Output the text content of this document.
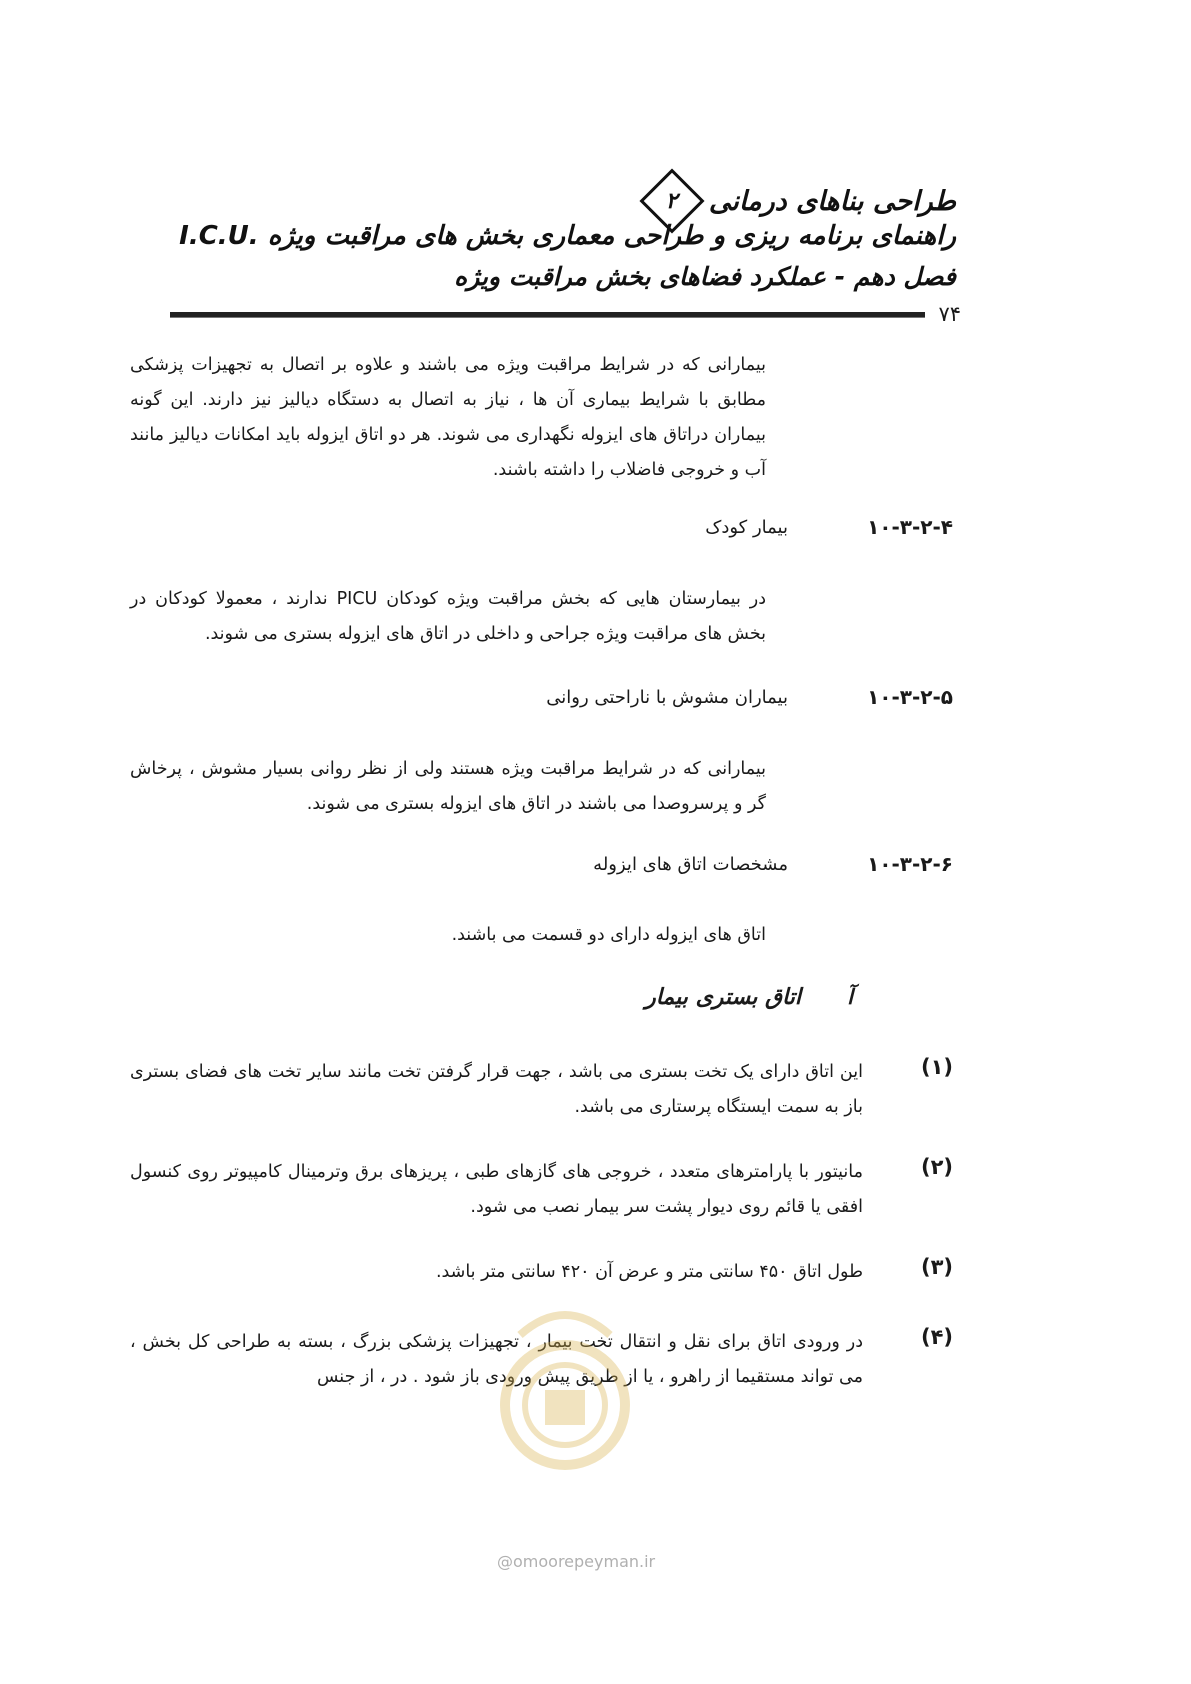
طراحی بناهای درمانی
۲
راهنمای برنامه ریزی و طراحی معماری بخش های مراقبت ویژه .I.C.U
فصل دهم - عملکرد فضاهای بخش مراقبت ویژه
۷۴
بیمارانی که در شرایط مراقبت ویژه می باشند و علاوه بر اتصال به تجهیزات پزشکی مطابق با شرایط بیماری آن ها ، نیاز به اتصال به دستگاه دیالیز نیز دارند. این گونه بیماران دراتاق های ایزوله نگهداری می شوند. هر دو اتاق ایزوله باید امکانات دیالیز مانند آب و خروجی فاضلاب را داشته باشند.
۱۰-۳-۲-۴
بیمار کودک
در بیمارستان هایی که بخش مراقبت ویژه کودکان PICU ندارند ، معمولا کودکان در بخش های مراقبت ویژه جراحی و داخلی در اتاق های ایزوله بستری می شوند.
۱۰-۳-۲-۵
بیماران مشوش با ناراحتی روانی
بیمارانی که در شرایط مراقبت ویژه هستند ولی از نظر روانی بسیار مشوش ، پرخاش گر و پرسروصدا می باشند در اتاق های ایزوله بستری می شوند.
۱۰-۳-۲-۶
مشخصات اتاق های ایزوله
اتاق های ایزوله دارای دو قسمت می باشند.
آ
اتاق بستری بیمار
(۱)
این اتاق دارای یک تخت بستری می باشد ، جهت قرار گرفتن تخت مانند سایر تخت های فضای بستری باز به سمت ایستگاه پرستاری می باشد.
(۲)
مانیتور با پارامترهای متعدد ، خروجی های گازهای طبی ، پریزهای برق وترمینال کامپیوتر روی کنسول افقی یا قائم روی دیوار پشت سر بیمار نصب می شود.
(۳)
طول اتاق ۴۵۰ سانتی متر و عرض آن ۴۲۰ سانتی متر باشد.
(۴)
در ورودی اتاق برای نقل و انتقال تخت بیمار ، تجهیزات پزشکی بزرگ ، بسته به طراحی کل بخش ، می تواند مستقیما از راهرو ، یا از طریق پیش ورودی باز شود . در ، از جنس
@omoorepeyman.ir
